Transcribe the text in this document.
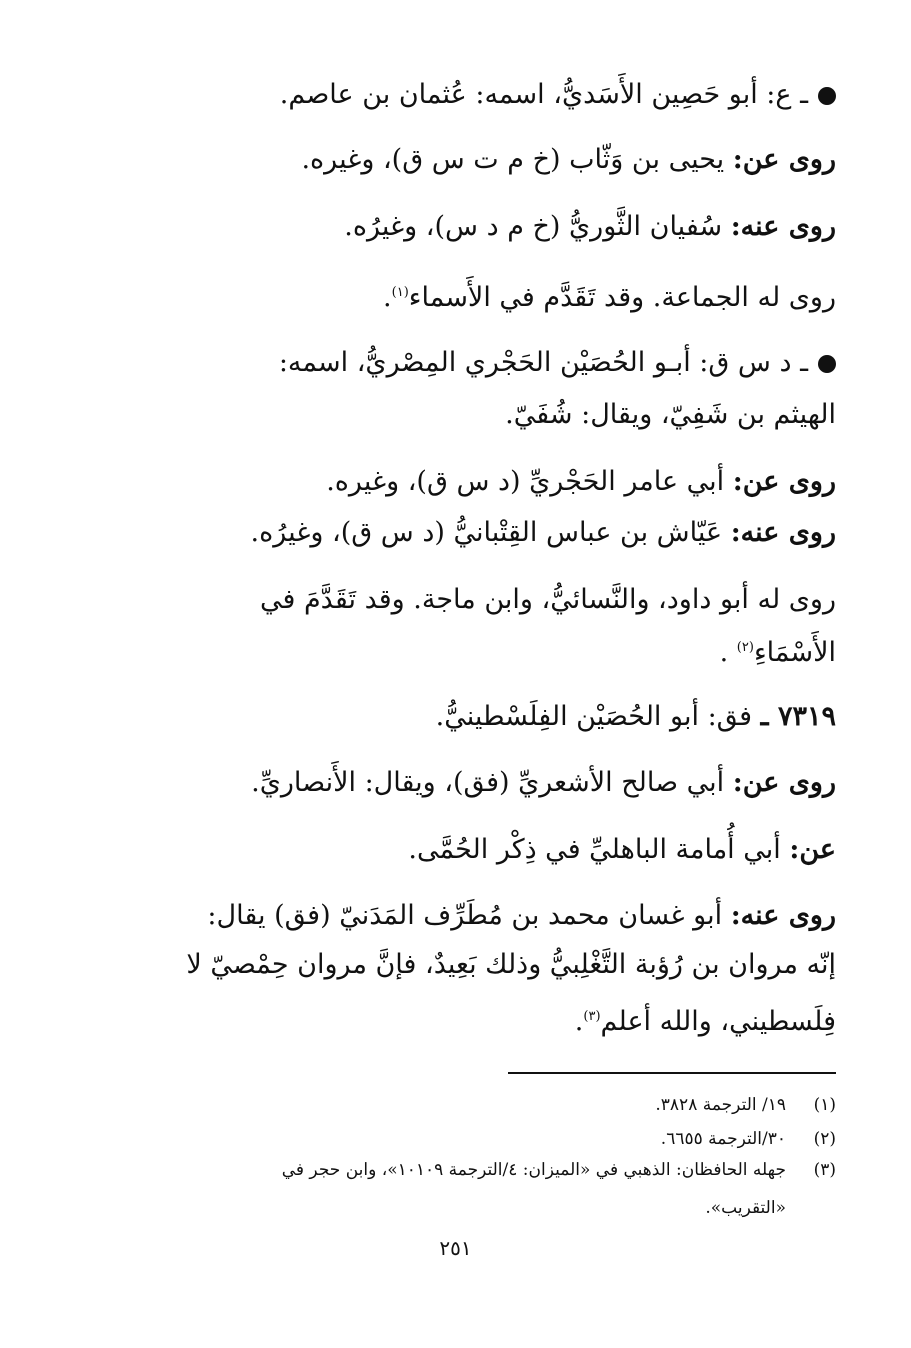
ـ ع: أبو حَصِين الأَسَديُّ، اسمه: عُثمان بن عاصم.
روى عن: يحيى بن وَثّاب (خ م ت س ق)، وغيره.
روى عنه: سُفيان الثَّوريُّ (خ م د س)، وغيرُه.
روى له الجماعة. وقد تَقَدَّم في الأَسماء$^{(١)}$.
ـ د س ق: أبـو الحُصَيْن الحَجْري المِصْريُّ، اسمه:
الهيثم بن شَفِيّ، ويقال: شُفَيّ.
روى عن: أبي عامر الحَجْريِّ (د س ق)، وغيره.
روى عنه: عَيّاش بن عباس القِتْبانيُّ (د س ق)، وغيرُه.
روى له أبو داود، والنَّسائيُّ، وابن ماجة. وقد تَقَدَّمَ في
الأَسْمَاءِ$^{(٢)}$ .
٧٣١٩ ـ فق: أبو الحُصَيْن الفِلَسْطينيُّ.
روى عن: أبي صالح الأشعريِّ (فق)، ويقال: الأَنصاريِّ.
عن: أبي أُمامة الباهليِّ في ذِكْر الحُمَّى.
روى عنه: أبو غسان محمد بن مُطَرِّف المَدَنيّ (فق) يقال:
إنّه مروان بن رُؤبة التَّغْلِبيُّ وذلك بَعِيدٌ، فإنَّ مروان حِمْصيّ لا
فِلَسطيني، والله أعلم$^{(٣)}$.
(١)١٩/ الترجمة ٣٨٢٨.
(٢)٣٠/الترجمة ٦٦٥٥.
(٣)جهله الحافظان: الذهبي في «الميزان: ٤/الترجمة ١٠١٠٩»، وابن حجر في
«التقريب».
٢٥١
